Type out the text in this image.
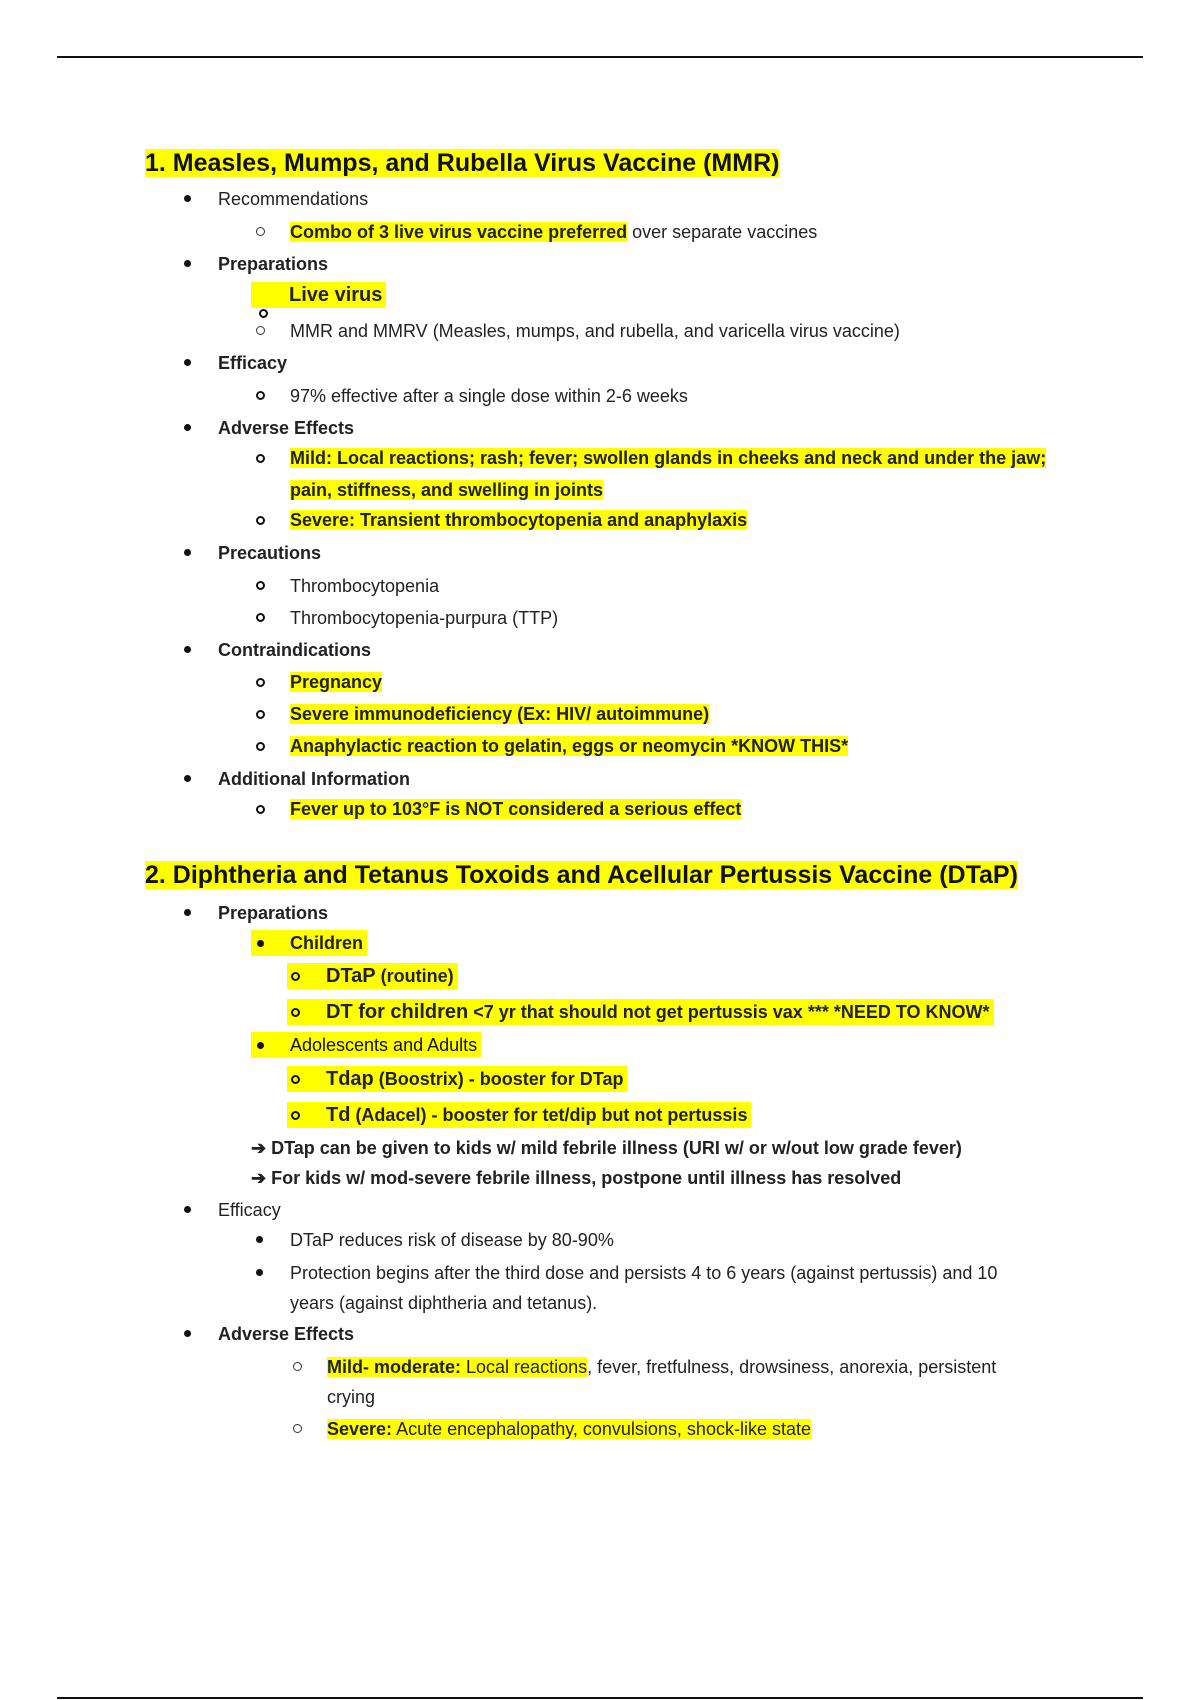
1. Measles, Mumps, and Rubella Virus Vaccine (MMR)
Recommendations
Combo of 3 live virus vaccine preferred over separate vaccines
Preparations
Live virus
MMR and MMRV (Measles, mumps, and rubella, and varicella virus vaccine)
Efficacy
97% effective after a single dose within 2-6 weeks
Adverse Effects
Mild: Local reactions; rash; fever; swollen glands in cheeks and neck and under the jaw;
pain, stiffness, and swelling in joints
Severe: Transient thrombocytopenia and anaphylaxis
Precautions
Thrombocytopenia
Thrombocytopenia-purpura (TTP)
Contraindications
Pregnancy
Severe immunodeficiency (Ex: HIV/ autoimmune)
Anaphylactic reaction to gelatin, eggs or neomycin *KNOW THIS*
Additional Information
Fever up to 103°F is NOT considered a serious effect
2. Diphtheria and Tetanus Toxoids and Acellular Pertussis Vaccine (DTaP)
Preparations
Children
DTaP (routine)
DT for children <7 yr that should not get pertussis vax *** *NEED TO KNOW*
Adolescents and Adults
Tdap (Boostrix) - booster for DTap
Td (Adacel) - booster for tet/dip but not pertussis
➔ DTap can be given to kids w/ mild febrile illness (URI w/ or w/out low grade fever)
➔ For kids w/ mod-severe febrile illness, postpone until illness has resolved
Efficacy
DTaP reduces risk of disease by 80-90%
Protection begins after the third dose and persists 4 to 6 years (against pertussis) and 10
years (against diphtheria and tetanus).
Adverse Effects
Mild- moderate: Local reactions, fever, fretfulness, drowsiness, anorexia, persistent
crying
Severe: Acute encephalopathy, convulsions, shock-like state
